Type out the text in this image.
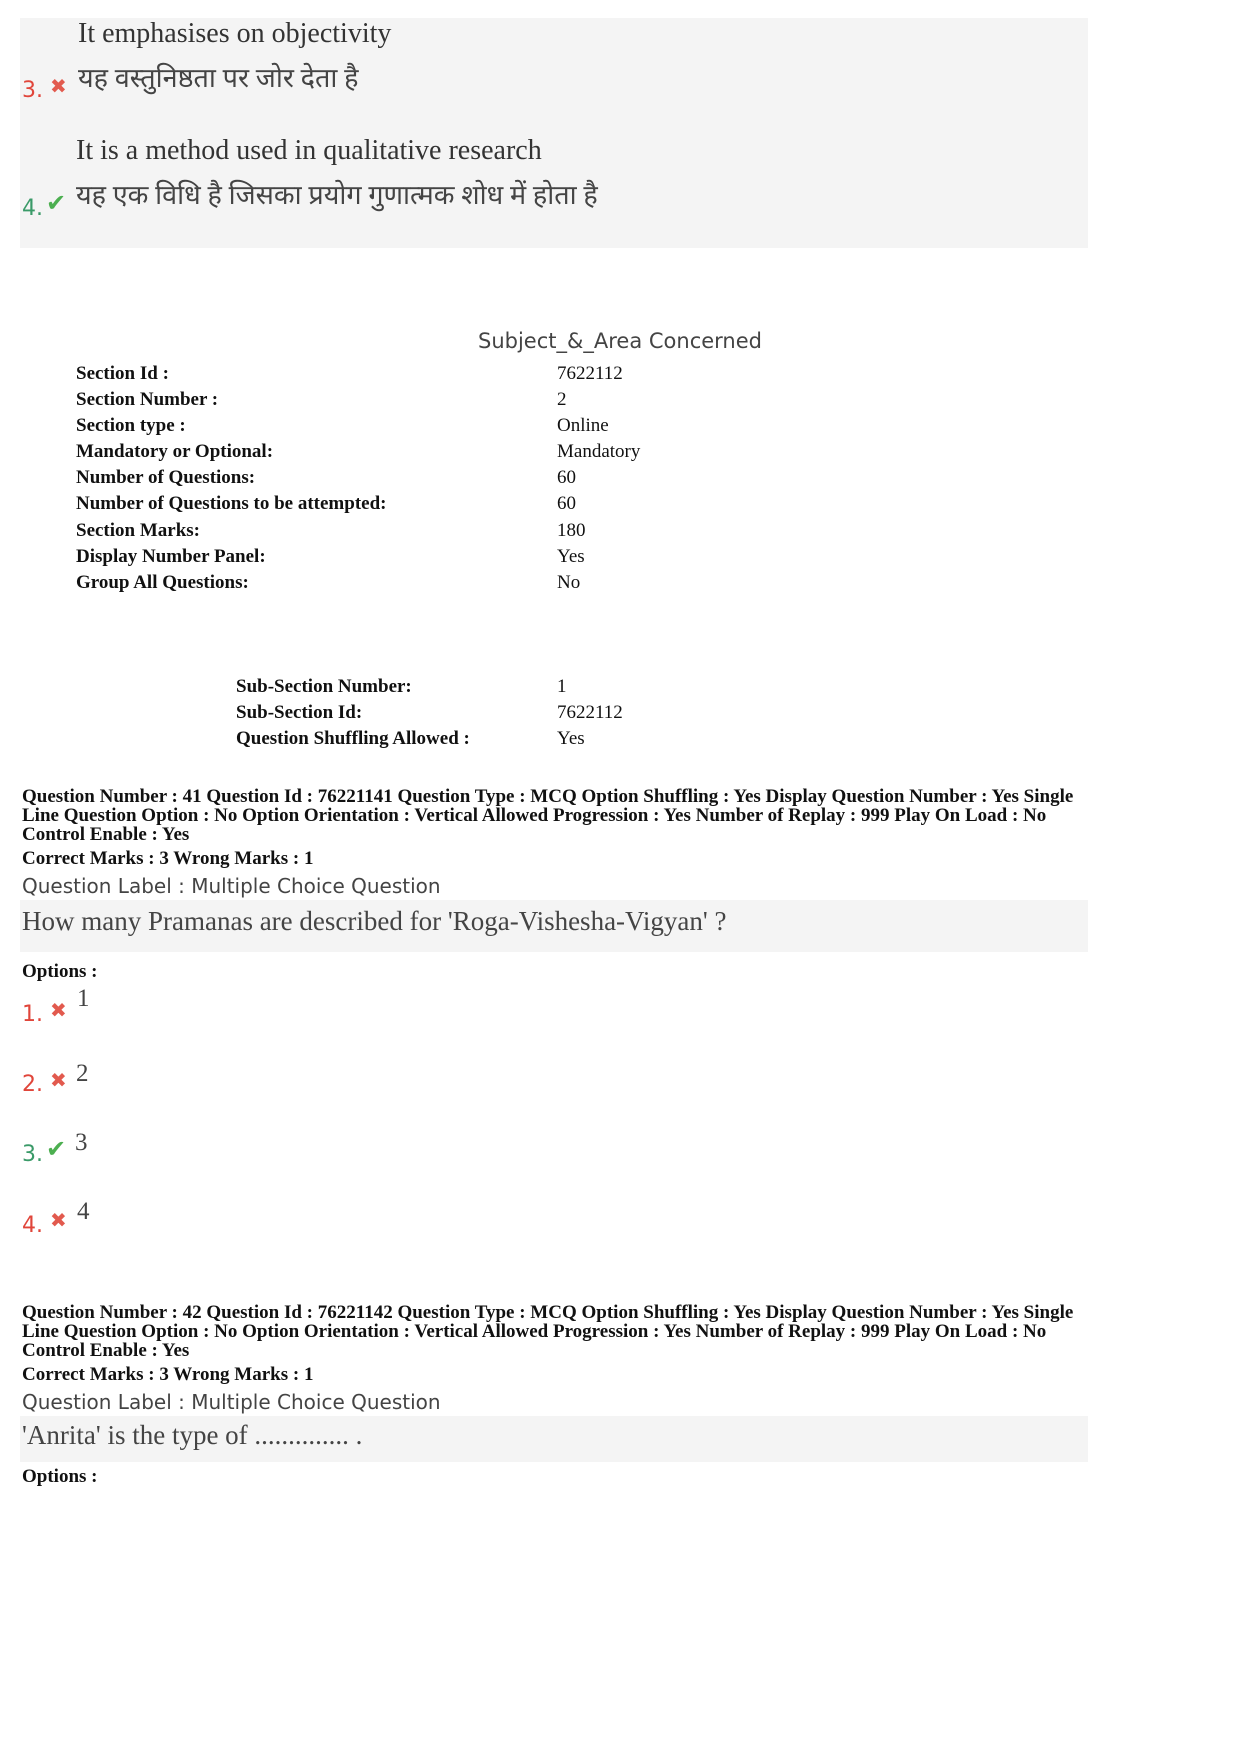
It emphasises on objectivity
यह वस्तुनिष्ठता पर जोर देता है
3. ✖
It is a method used in qualitative research
यह एक विधि है जिसका प्रयोग गुणात्मक शोध में होता है
4. ✔
Subject_&_Area Concerned
Section Id :	7622112
Section Number :	2
Section type :	Online
Mandatory or Optional:	Mandatory
Number of Questions:	60
Number of Questions to be attempted:	60
Section Marks:	180
Display Number Panel:	Yes
Group All Questions:	No
Sub-Section Number:	1
Sub-Section Id:	7622112
Question Shuffling Allowed :	Yes
Question Number : 41 Question Id : 76221141 Question Type : MCQ Option Shuffling : Yes Display Question Number : Yes Single
Line Question Option : No Option Orientation : Vertical Allowed Progression : Yes Number of Replay : 999 Play On Load : No
Control Enable : Yes
Correct Marks : 3 Wrong Marks : 1
Question Label : Multiple Choice Question
How many Pramanas are described for 'Roga-Vishesha-Vigyan' ?
Options :
1. ✖ 1
2. ✖ 2
3. ✔ 3
4. ✖ 4
Question Number : 42 Question Id : 76221142 Question Type : MCQ Option Shuffling : Yes Display Question Number : Yes Single
Line Question Option : No Option Orientation : Vertical Allowed Progression : Yes Number of Replay : 999 Play On Load : No
Control Enable : Yes
Correct Marks : 3 Wrong Marks : 1
Question Label : Multiple Choice Question
'Anrita' is the type of .............. .
Options :
